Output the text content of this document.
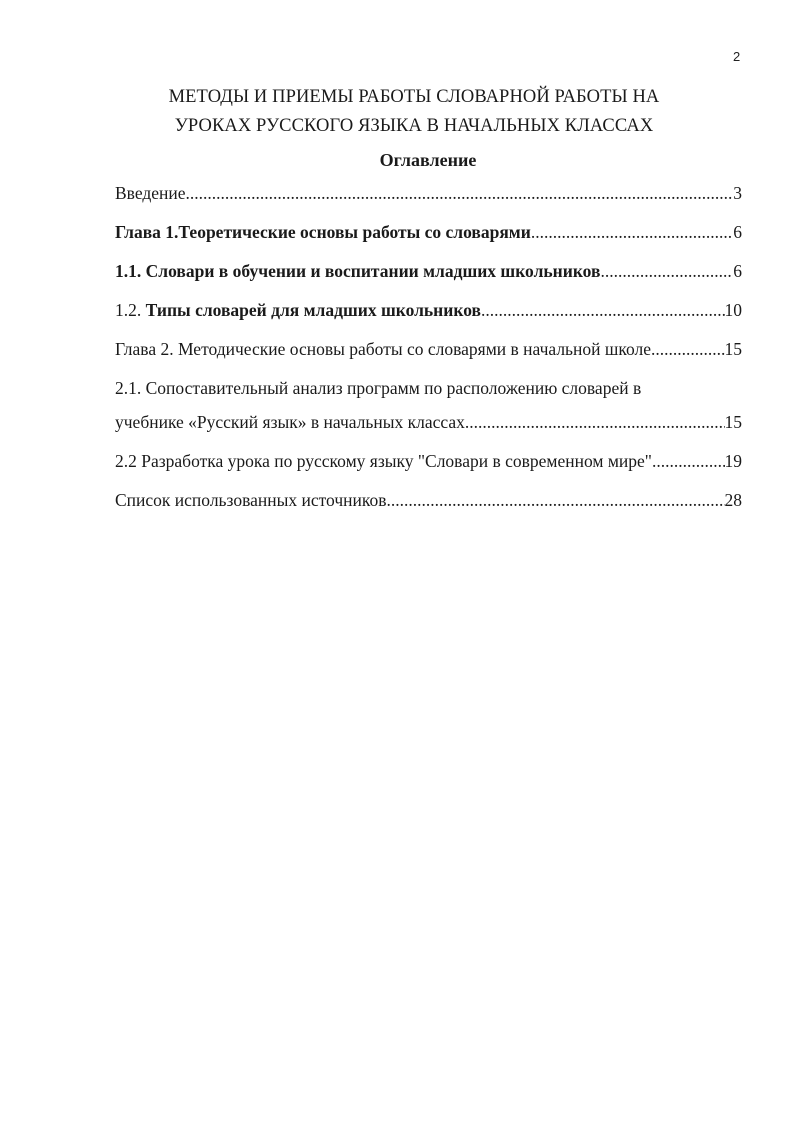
2
МЕТОДЫ И ПРИЕМЫ РАБОТЫ СЛОВАРНОЙ РАБОТЫ НА
УРОКАХ РУССКОГО ЯЗЫКА В НАЧАЛЬНЫХ КЛАССАХ
Оглавление
Введение .....	3
Глава 1.Теоретические основы работы со словарями .....	6
1.1. Словари в обучении и воспитании младших школьников .....	6
1.2. Типы словарей для младших школьников .....	10
Глава 2. Методические основы работы со словарями в начальной школе .....	15
2.1. Сопоставительный анализ программ по расположению словарей в
учебнике «Русский язык» в начальных классах .....	15
2.2 Разработка урока по русскому языку "Словари в современном мире" .....	19
Список использованных источников .....	28
